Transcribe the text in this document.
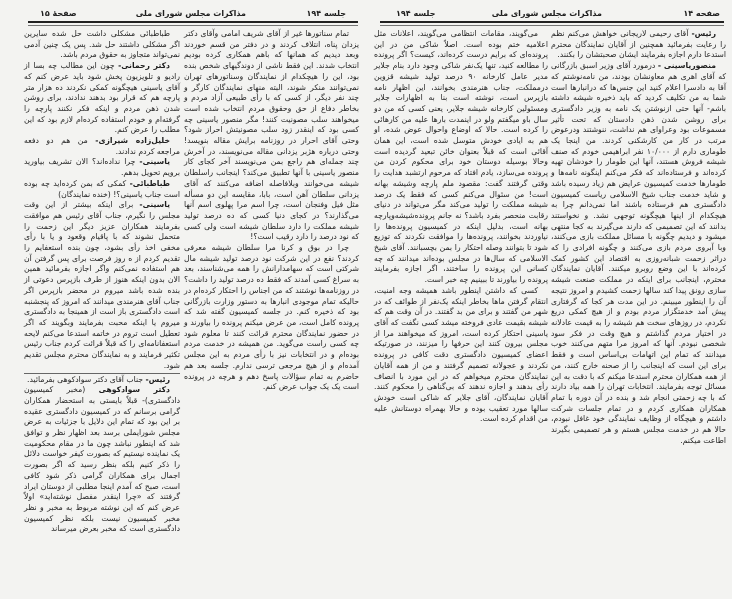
جلسه ۱۹۴
مذاکرات مجلس شورای ملی
صفحهٔ ۱۵

تمام سناتورها غیر از آقای شریف امامی وآقای دکتر یزدان پناه، انتلاف کردند و در دفتر من قسم خوردند وبعد دیدیم که همانها که باهم همکاری کرده بودیم انتخاب شدند. این فقط ناشی از دوندگیهای شخص بنده بود، این را هیچکدام از نمایندگان وسناتورهای تهران نمی‌توانند منکر شوند، البته منهای نمایندگان کارگر و چند نفر دیگر، از کسی که با رأی طبیعی آزاد مردم و بخاطر دفاع از حق وحقوق مردم انتخاب شده است میخواهند سلب مصونیت کنند! مگر منصور یاسینی چه کسی بود که اینقدر زود سلب مصونیتش احراز شود؟ وحتی آقای احرار در روزنامه برایش مقاله بنویسد! وحتی درباره هژبر یزدانی مقاله می‌نویسند، در آخرش چند جمله‌ای هم راجع بمن می‌نویسند آخر کجای کار منصور یاسینی با آنها تطبیق می‌کند؟ اینجانب راسلطان شیشه می‌خوانند وبلافاصله اضافه می‌کنند که آقای یزدانی سلطان آهن است، بابا، مقایسه این دو مسأله مثل فیل وفنجان است، چرا اسم مرا پهلوی اسم آنها می‌گذارند؟ در کجای دنیا کسی که ده درصد تولید شیشه مملکت را دارد سلطان شیشه است ولی کسی که نود درصد را دارد رقیب است؟!

چرا در بوق و کرنا مرا سلطان شیشه معرفی کردند؟ نفع در این شرکت نود درصد تولید شیشه مال شرکتی است که سهامدارانش را همه می‌شناسند، بعد به سراغ کسی آمدند که فقط ده درصد تولید را داشت؟ در روزنامه‌ها نوشتند که من اجناس را احتکار کرده‌ام در حالیکه تمام موجودی انبارها به دستور وزارت بازرگانی بود که ذخیره کنم. در جلسه کمیسیون گفته شد که پرونده کامل است، من عرض میکنم پرونده را بیاورند و در حضور نمایندگان محترم قرائت کنند تا معلوم شود چه کسی راست می‌گوید. من همیشه در خدمت مردم بوده‌ام و در انتخابات نیز با رأی مردم به این مجلس آمده‌ام و از هیچ مرجعی ترسی ندارم. جلسه بعد هم حاضرم به تمام سؤالات پاسخ دهم و هرچه در پرونده است یک یک جواب عرض کنم.

طباطبائی مشکلی داشت حل شده سایرین اگر مشکلی داشتند حل شد. پس یک چنین آدمی نمی‌تواند متجاوز به حقوق مردم باشد.

دکتر رحمانی- چون این مطالب چه بسا از رادیو و تلویزیون پخش شود باید عرض کنم که آقای یاسینی هیچگونه کمکی نکردند ده هزار متر پارچه هم که قرار بود بدهند ندادند، برای روشن شدن ذهن مردم و اینکه فکر نکنند پارچه را گرفته‌ام و خودم استفاده کرده‌ام لازم بود که این مطلب را عرض کنم.

خلیل‌زاده شیرازی- من هم دو دفعه مراجعه کردم ندادند.

یاسینی- چرا نداده‌اند؟ الان تشریف بیاورید برویم تحویل بدهم.

طباطبائی- کمکی که بمن کرده‌اید چه بوده است جناب یاسینی؟! (خنده نمایندگان)

یاسینی- برای اینکه بیشتر از این وقت مجلس را نگیرم، جناب آقای رئیس هم موافقت بفرمایند همکاران عزیز دیگر این زحمت را متحمل نشوند که با پاقیام وقعود و یا با رأی مخفی اخذ رأی بشود، چون بنده استعفایم را تقدیم کردم از ه روز فرصت برای پس گرفتن آن هم استفاده نمی‌کنم واگر اجازه بفرمائید همین الان بدون اینکه هنوز از طرف بازپرس دعوتی از بنده شده باشد میروم در محضر بازپرس اگر جناب آقای هنرمندی میدانند که امروز که پنجشنبه است دادگستری باز است از همینجا به دادگستری میروم یا اینکه محبت بفرمایند وبگویند که اگر تعطیل است تروم در خاتمه استدعا می‌کنم لایحه استعفانامه‌ای را که قبلاً قرائت کردم جناب رئیس تکثیر فرمایند و به نمایندگان محترم مجلس تقدیم شود.

رئیس- جناب آقای دکتر سوادکوهی بفرمائید.

دکتر سوادکوهی (مخبر کمیسیون دادگستری)- قبلاً بایستی به استحضار همکاران گرامی برسانم که در کمیسیون دادگستری عقیده بر این بود که تمام این دلایل با جزئیات به عرض مجلس شورایملی برسد بعد اظهار نظر و توافق شد که اینطور نباشد چون ما در مقام محکومیت یک نماینده نیستیم که بصورت کیفر خواست دلائل را ذکر کنیم بلکه بنظر رسید که اگر بصورت اجمال برای همکاران گرامی ذکر شود کافی است، صبح که آمدم اینجا مطلبی از دوستان ایراد گرفتند که «چرا اینقدر مفصل نوشته‌اید» اولاً عرض کنم که این نوشته مربوط به مخبر و نظر مخبر کمیسیون نیست بلکه نظر کمیسیون دادگستری است که مخبر بعرض میرساند

صفحه ۱۴
مذاکرات مجلس شورای ملی
جلسه ۱۹۴

رئیس- آقای رحیمی لاریجانی خواهش می‌کنم نظم را رعایت بفرمائید همچنین از آقایان نمایندگان محترم استدعا دارم اجازه بفرمایند ایشان صحبتشان را بکنند.

منصوریاسینی - درمورد آقای وزیر اسبق بازرگانی که آقای اهری هم معاونشان بودند، من نامه‌نوشتم که آقا به دادسرا اعلام کنید این جنس‌ها که درانبارها است شما به من تکلیف کردید که باید ذخیره شیشه داشته باشم- آنها حتی ازنوشتن یک نامه به وزیر دادگستری برای روشن شدن ذهن دادستان که تحت تأثیر مسموعات بود وعراوای هم نداشت، ننوشتند ودرعوض مرتب در کار من کارشکنی کردند. من اینجا یک طوماری دارم از ۱۰/۰۰۰ نفر ابراهیمی خودم که صنف شیشه فروش هستند، آنها این طومار را خودشان تهیه کرده‌اند و فرستاده‌اند که فکر می‌کنم اینگونه نامه‌ها و طومارها خدمت کمیسیون عرایض هم زیاد رسیده باشد و شاید خدمت جناب شیخ الاسلامی ریاست کمیسیون دادگستری هم فرستاده باشند اما نمی‌دانم چرا به هیچکدام از اینها هیچگونه توجهی نشد. و نخواستند بدانند که این تصمیمی که دارند می‌گیرند به کجا منتهی میشود و دیدیم چگونه با مسائل مملکت بازی می‌کنند، وبا آبروی مردم بازی می‌کنند و چگونه افرادی را که دراثر زحمت شبانه‌روزی به اقتصاد این کشور کمک کرده‌اند با این وضع روبرو میکنند. آقایان نمایندگان محترم، اینجانب برای اینکه در مملکت صنعت شیشه سازی رونق پیدا کند سالها زحمت کشیدم و امروز نتیجه آن را اینطور میبینم. در این مدت هر کجا که گرفتاری پیش آمد خدمتگزار مردم بودم و از هیچ کمکی دریغ نکردم، در روزهای سخت هم شیشه را به قیمت عادلانه در اختیار مردم گذاشتم و هیچ وقت در فکر سود شخصی نبودم. آنها که امروز مرا متهم می‌کنند خوب میدانند که تمام این اتهامات بی‌اساس است و فقط برای این است که اینجانب را از صحنه خارج کنند، من از همه همکاران محترم استدعا میکنم که با دقت به این مسائل توجه بفرمایند. انتخابات تهران را همه بیاد دارند که با چه زحمتی انجام شد و بنده در آن دوره با تمام همکاران همکاری کردم و در تمام جلسات شرکت داشتم و هیچگاه از وظایف نمایندگی خود غافل نبودم، حالا هم در خدمت مجلس هستم و هر تصمیمی بگیرند اطاعت میکنم.

می‌گویند، مقامات انتظامی می‌گویند، اعلانات مثل اعلامیه ختم بوده است. اصلاً شاکی من در این پرونده‌ای که برایم درست کرده‌اند، کیست؟ اگر پرونده را مطالعه کنید، تنها یک‌نفر شاکی وجود دارد بنام جلایر مدیر عامل کارخانه ۹۰ درصد تولید شیشه قزوین درمملکت، جناب هنرمندی بخوانند، این اظهار نامه بازپرس است، نوشته است بنا به اظهارات جلایر ومسئولین کارخانه شیشه جلایر، یعنی کسی که من دو سال باو میگفتم ولو در اینمدت بارها علیه من کارهائی را کرده است. حالا که اوضاع واحوال عوض شده، او هم به ایادی خودش متوسل شده است، این همان آقائی است که قبلاً بعنوان خائن تبعید گردیده است وحالا بوسیله دوستان خود برای محکوم کردن من پرونده می‌سازد، یادم افتاد که مرحوم ارتشبد هدایت را وقتی گرفتند گفت: مقصود ملم پارچه وشیشه بهانه است! من سئوال می‌کنم کسی که فقط یک درصد شیشه مملکت را تولید می‌کند مگر می‌تواند در دنیای رقابت منحصر بفرد باشد؟ نه جانم پرونده‌شیشه‌وپارچه بهانه است، بدلیل اینکه در کمیسیون پرونده‌ها را نیاوردند بخوانند، پرونده‌ها را موافقت نکردند که توزیع شود تا بتوانند وصله احتکار را بمن بچسبانند. آقای شیخ الاسلامی که سال‌ها در مجلس بوده‌اند میدانند که چه کسانی این پرونده را ساختند، اگر اجازه بفرمایند پرونده را بیاورند تا ببینیم چه خبر است.

کسی که داشتن اینطور باشد همیشه وجه امنیت، انتقام گرفتن ماها بخاطر اینکه یک‌نفر از طوائف که در شهر من گفتند و برای من بد گفتند. در آن وقت هم که شیشه بقیمت عادی فروخته میشد کسی نگفت که آقای یاسینی احتکار کرده است، امروز که میخواهند مرا از مجلس بیرون کنند این حرفها را میزنند، در صورتیکه اعضای کمیسیون دادگستری دقت کافی در پرونده نکردند و عجولانه تصمیم گرفتند و من از همه آقایان نمایندگان محترم میخواهم که در این مورد با انصاف رأی بدهند و اجازه ندهند که بی‌گناهی را محکوم کنند. آقایان نمایندگان، آقای جلایر که شاکی است خودش سالها مورد تعقیب بوده و حالا بهمراه دوستانش علیه من اقدام کرده است.
